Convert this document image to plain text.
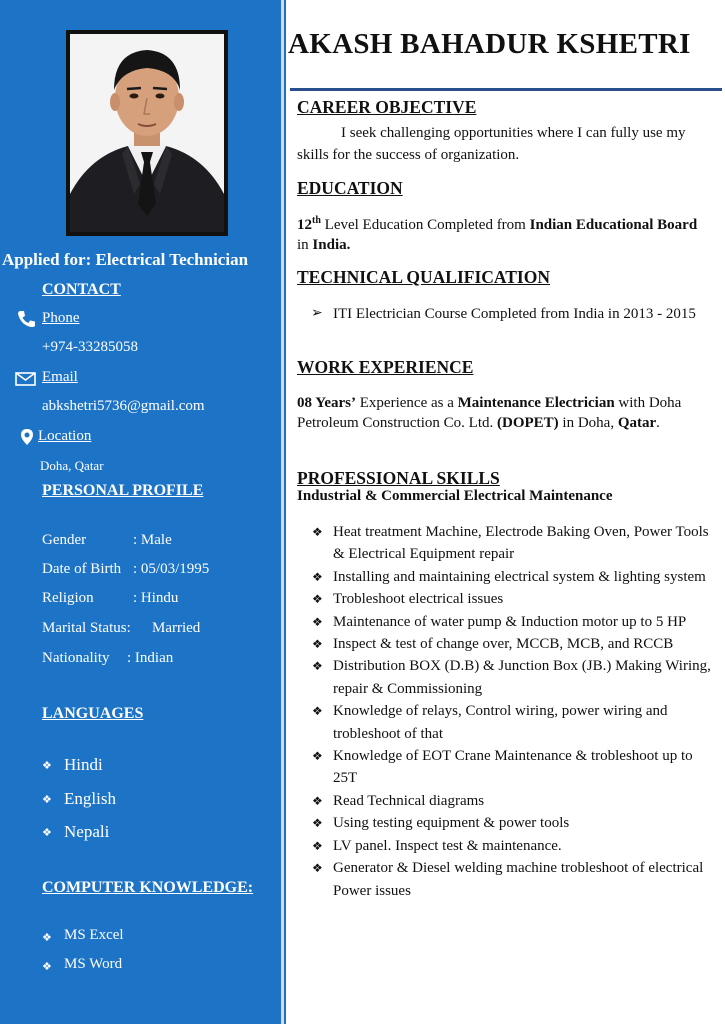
Applied for: Electrical Technician
CONTACT
Phone
+974-33285058
Email
abkshetri5736@gmail.com
Location
Doha, Qatar
PERSONAL PROFILE
Gender	: Male
Date of Birth : 05/03/1995
Religion	: Hindu
Marital Status: Married
Nationality : Indian
LANGUAGES
❖ Hindi
❖ English
❖ Nepali
COMPUTER KNOWLEDGE:
❖ MS Excel
❖ MS Word
AKASH BAHADUR KSHETRI
CAREER OBJECTIVE
I seek challenging opportunities where I can fully use my skills for the success of organization.
EDUCATION
12th Level Education Completed from Indian Educational Board in India.
TECHNICAL QUALIFICATION
➢ ITI Electrician Course Completed from India in 2013 - 2015
WORK EXPERIENCE
08 Years’ Experience as a Maintenance Electrician with Doha Petroleum Construction Co. Ltd. (DOPET) in Doha, Qatar.
PROFESSIONAL SKILLS
Industrial & Commercial Electrical Maintenance
❖ Heat treatment Machine, Electrode Baking Oven, Power Tools & Electrical Equipment repair
❖ Installing and maintaining electrical system & lighting system
❖ Trobleshoot electrical issues
❖ Maintenance of water pump & Induction motor up to 5 HP
❖ Inspect & test of change over, MCCB, MCB, and RCCB
❖ Distribution BOX (D.B) & Junction Box (JB.) Making Wiring, repair & Commissioning
❖ Knowledge of relays, Control wiring, power wiring and trobleshoot of that
❖ Knowledge of EOT Crane Maintenance & trobleshoot up to 25T
❖ Read Technical diagrams
❖ Using testing equipment & power tools
❖ LV panel. Inspect test & maintenance.
❖ Generator & Diesel welding machine trobleshoot of electrical Power issues
